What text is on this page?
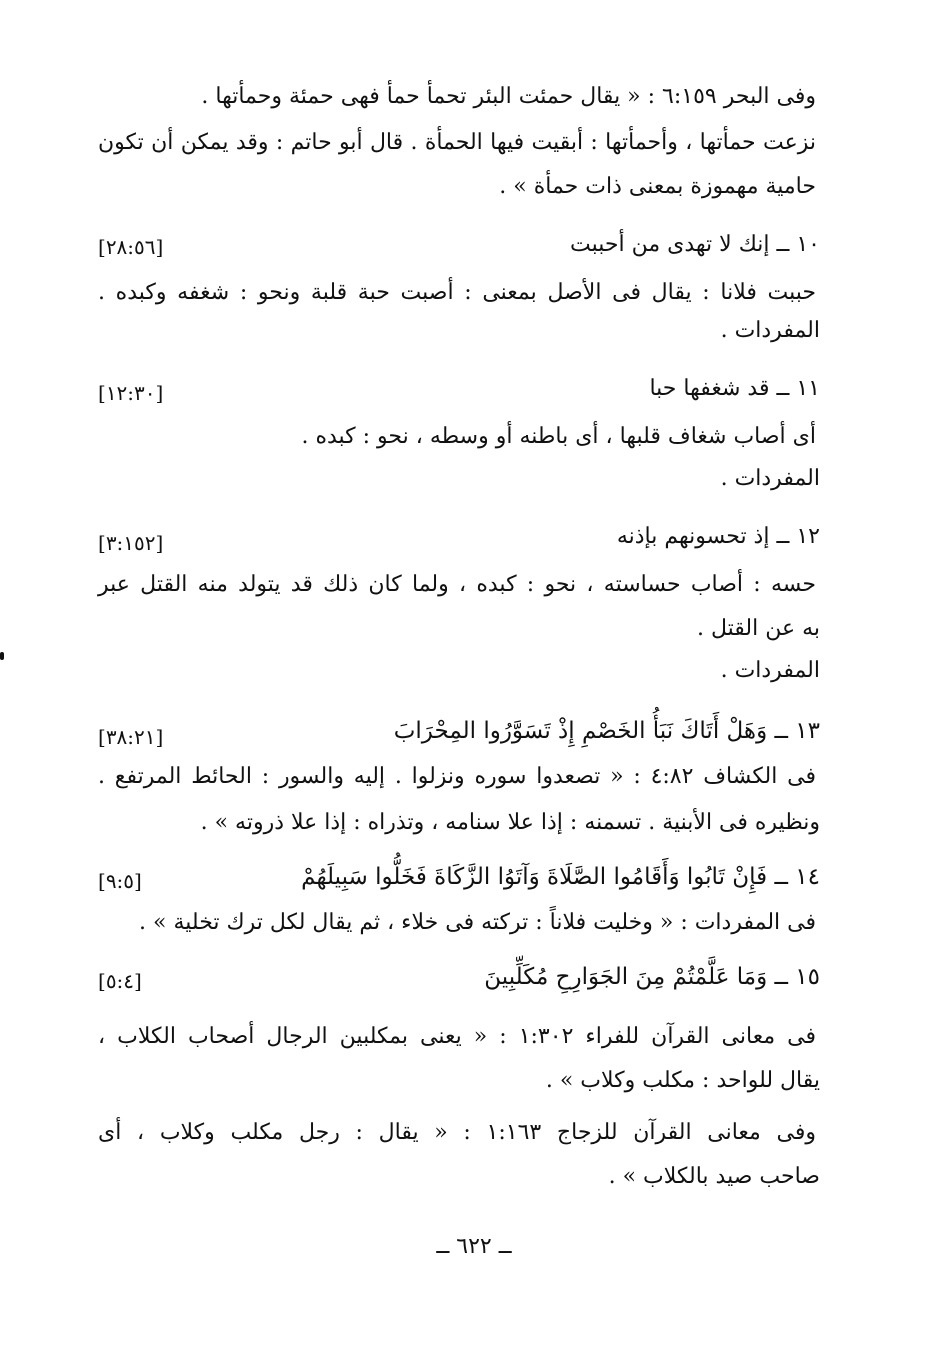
وفى البحر ٦:١٥٩ : « يقال حمئت البئر تحمأ حمأ فهى حمئة وحمأتها .
نزعت حمأتها ، وأحمأتها : أبقيت فيها الحمأة . قال أبو حاتم : وقد يمكن أن تكون
حامية مهموزة بمعنى ذات حمأة » .
١٠ ــ إنك لا تهدى من أحببت
[٢٨:٥٦]
حببت فلانا : يقال فى الأصل بمعنى : أصبت حبة قلبة ونحو : شغفه وكبده .
المفردات .
١١ ــ قد شغفها حبا
[١٢:٣٠]
أى أصاب شغاف قلبها ، أى باطنه أو وسطه ، نحو : كبده .
المفردات .
١٢ ــ إذ تحسونهم بإذنه
[٣:١٥٢]
حسه : أصاب حساسته ، نحو : كبده ، ولما كان ذلك قد يتولد منه القتل عبر
به عن القتل .
المفردات .
١٣ ــ وَهَلْ أَتَاكَ نَبَأُ الخَصْمِ إِذْ تَسَوَّرُوا المِحْرَابَ
[٣٨:٢١]
فى الكشاف ٤:٨٢ : « تصعدوا سوره ونزلوا . إليه والسور : الحائط المرتفع .
ونظيره فى الأبنية . تسمنه : إذا علا سنامه ، وتذراه : إذا علا ذروته » .
١٤ ــ فَإِنْ تَابُوا وَأَقَامُوا الصَّلَاةَ وَآتَوُا الزَّكَاةَ فَخَلُّوا سَبِيلَهُمْ
[٩:٥]
فى المفردات : « وخليت فلاناً : تركته فى خلاء ، ثم يقال لكل ترك تخلية » .
١٥ ــ وَمَا عَلَّمْتُمْ مِنَ الجَوَارِحِ مُكَلِّبِينَ
[٥:٤]
فى معانى القرآن للفراء ١:٣٠٢ : « يعنى بمكلبين الرجال أصحاب الكلاب ،
يقال للواحد : مكلب وكلاب » .
وفى معانى القرآن للزجاج ١:١٦٣ : « يقال : رجل مكلب وكلاب ، أى
صاحب صيد بالكلاب » .
ــ ٦٢٢ ــ
